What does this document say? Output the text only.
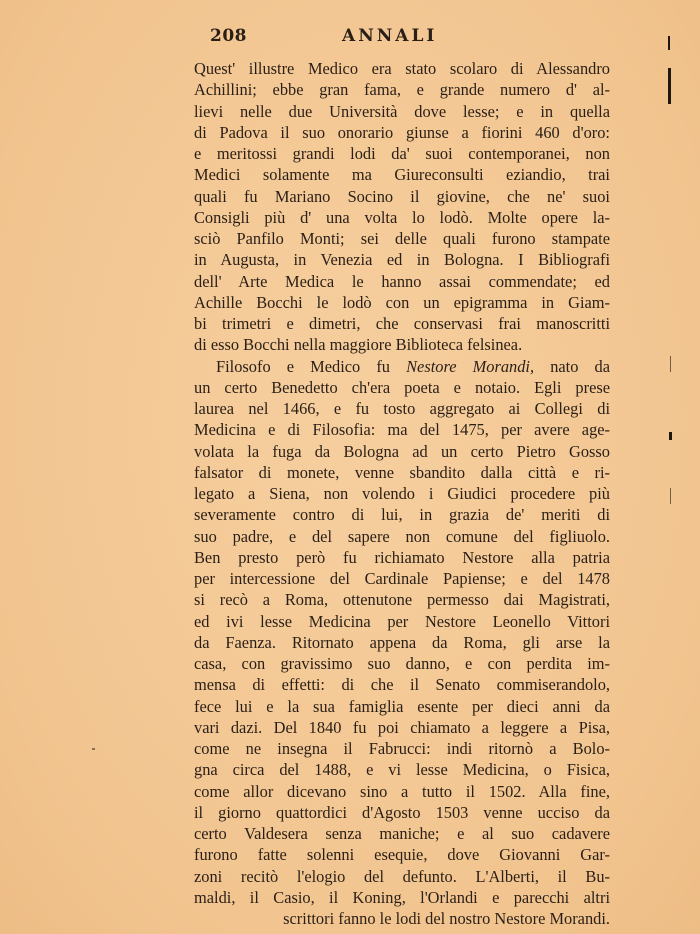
208	ANNALI
Quest' illustre Medico era stato scolaro di Alessandro
Achillini; ebbe gran fama, e grande numero d' al-
lievi nelle due Università dove lesse; e in quella
di Padova il suo onorario giunse a fiorini 460 d'oro:
e meritossi grandi lodi da' suoi contemporanei, non
Medici solamente ma Giureconsulti eziandio, trai
quali fu Mariano Socino il giovine, che ne' suoi
Consigli più d' una volta lo lodò. Molte opere la-
sciò Panfilo Monti; sei delle quali furono stampate
in Augusta, in Venezia ed in Bologna. I Bibliografi
dell' Arte Medica le hanno assai commendate; ed
Achille Bocchi le lodò con un epigramma in Giam-
bi trimetri e dimetri, che conservasi frai manoscritti
di esso Bocchi nella maggiore Biblioteca felsinea.
Filosofo e Medico fu Nestore Morandi, nato da
un certo Benedetto ch'era poeta e notaio. Egli prese
laurea nel 1466, e fu tosto aggregato ai Collegi di
Medicina e di Filosofia: ma del 1475, per avere age-
volata la fuga da Bologna ad un certo Pietro Gosso
falsator di monete, venne sbandito dalla città e ri-
legato a Siena, non volendo i Giudici procedere più
severamente contro di lui, in grazia de' meriti di
suo padre, e del sapere non comune del figliuolo.
Ben presto però fu richiamato Nestore alla patria
per intercessione del Cardinale Papiense; e del 1478
si recò a Roma, ottenutone permesso dai Magistrati,
ed ivi lesse Medicina per Nestore Leonello Vittori
da Faenza. Ritornato appena da Roma, gli arse la
casa, con gravissimo suo danno, e con perdita im-
mensa di effetti: di che il Senato commiserandolo,
fece lui e la sua famiglia esente per dieci anni da
vari dazi. Del 1840 fu poi chiamato a leggere a Pisa,
come ne insegna il Fabrucci: indi ritornò a Bolo-
gna circa del 1488, e vi lesse Medicina, o Fisica,
come allor dicevano sino a tutto il 1502. Alla fine,
il giorno quattordici d'Agosto 1503 venne ucciso da
certo Valdesera senza maniche; e al suo cadavere
furono fatte solenni esequie, dove Giovanni Gar-
zoni recitò l'elogio del defunto. L'Alberti, il Bu-
maldi, il Casio, il Koning, l'Orlandi e parecchi altri
scrittori fanno le lodi del nostro Nestore Morandi.
